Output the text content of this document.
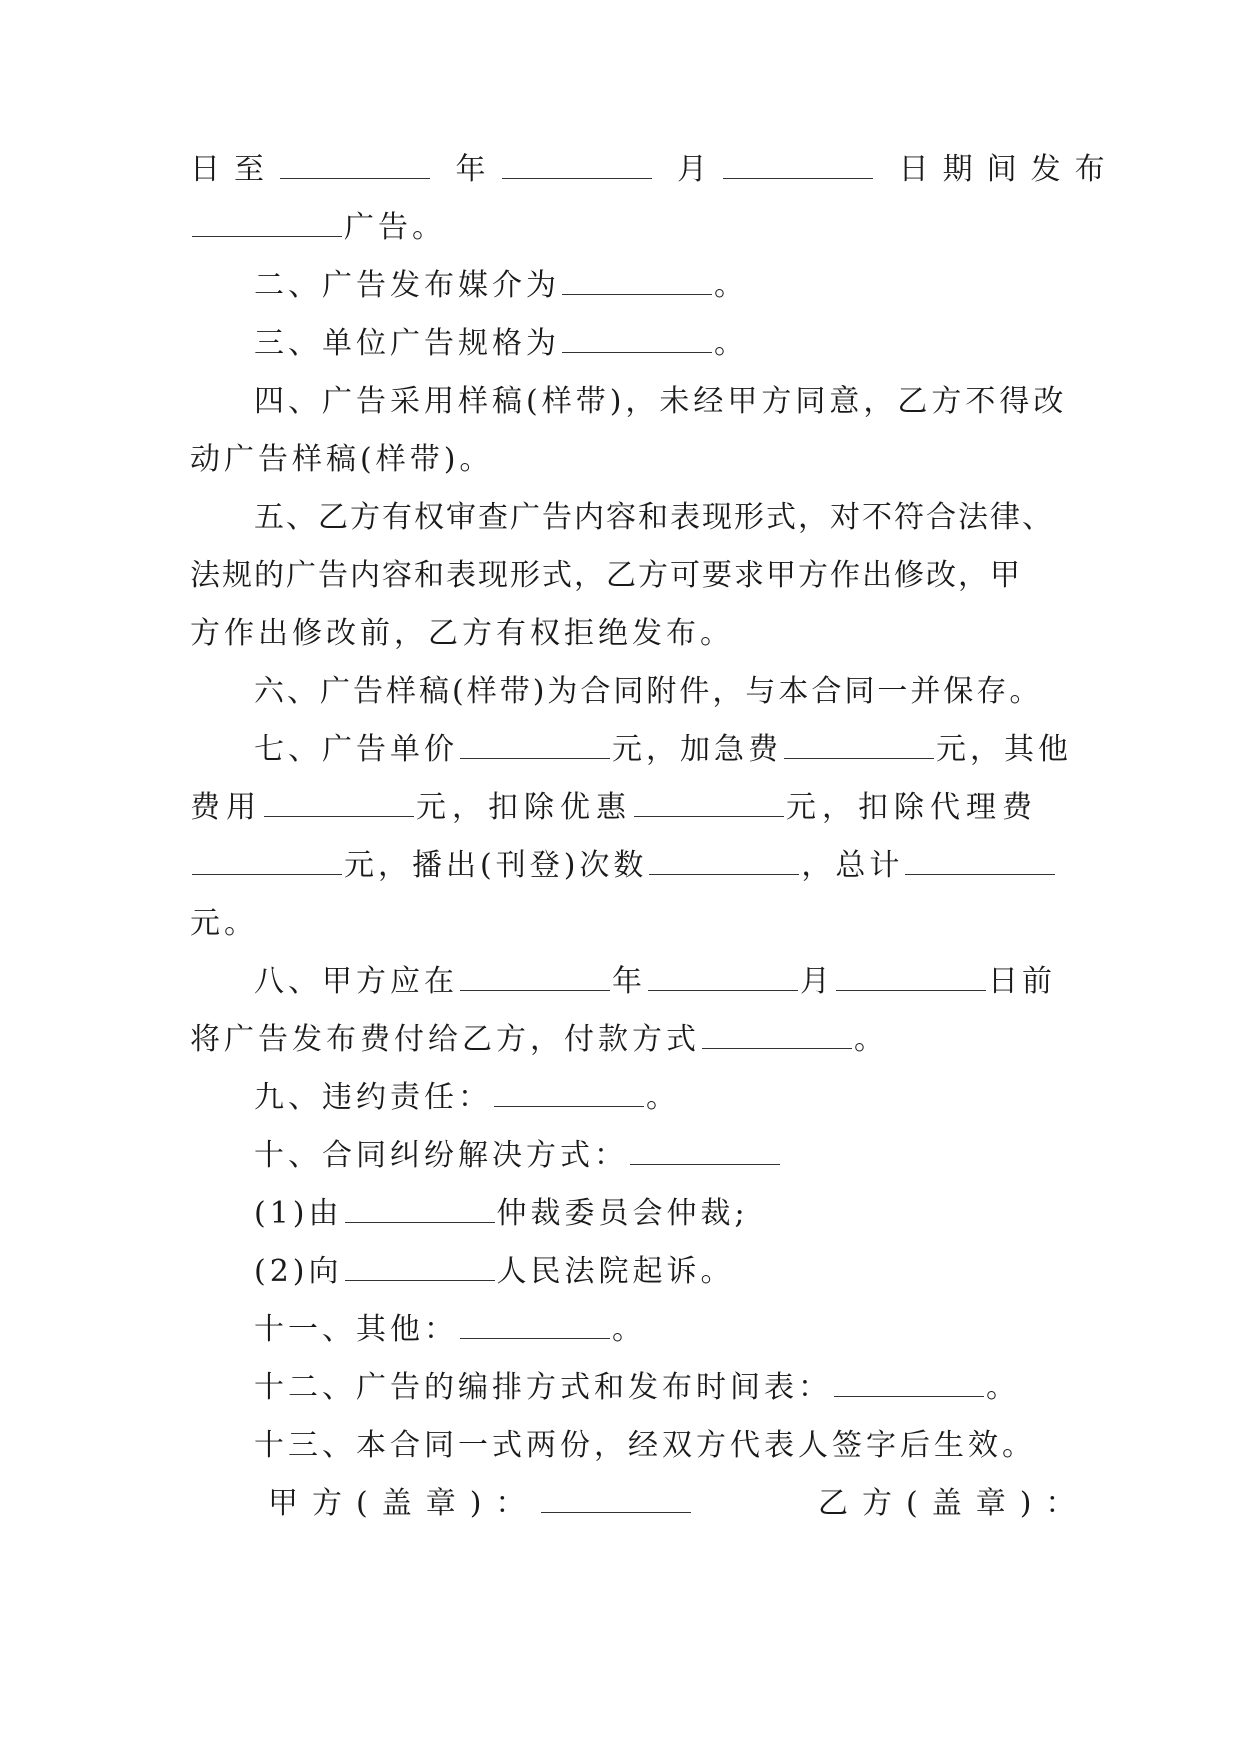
日至	年	月	日期间发布
广告。
二、广告发布媒介为	。
三、单位广告规格为	。
四、广告采用样稿(样带)，未经甲方同意，乙方不得改
动广告样稿(样带)。
五、乙方有权审查广告内容和表现形式，对不符合法律、
法规的广告内容和表现形式，乙方可要求甲方作出修改，甲
方作出修改前，乙方有权拒绝发布。
六、广告样稿(样带)为合同附件，与本合同一并保存。
七、广告单价	元，加急费	元，其他
费用	元，扣除优惠	元，扣除代理费
元，播出(刊登)次数	，总计
元。
八、甲方应在	年	月	日前
将广告发布费付给乙方，付款方式	。
九、违约责任：	。
十、合同纠纷解决方式：
(1)由	仲裁委员会仲裁;
(2)向	人民法院起诉。
十一、其他：	。
十二、广告的编排方式和发布时间表：	。
十三、本合同一式两份，经双方代表人签字后生效。
甲方(盖章)：	乙方(盖章)：
